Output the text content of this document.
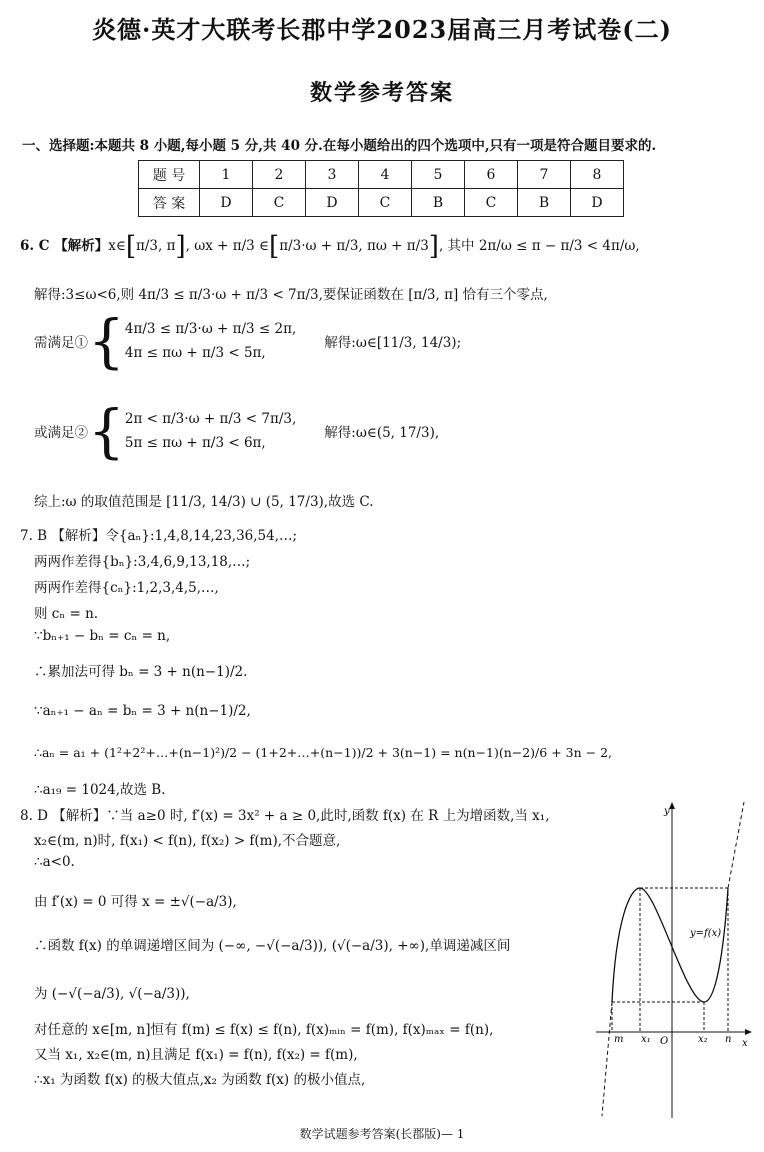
炎德·英才大联考长郡中学2023届高三月考试卷(二)
数学参考答案
一、选择题:本题共 8 小题,每小题 5 分,共 40 分.在每小题给出的四个选项中,只有一项是符合题目要求的.
题 号	1	2	3	4	5	6	7	8
答 案	D	C	D	C	B	C	B	D
6. C 【解析】x∈[π/3, π], ωx + π/3 ∈[π/3·ω + π/3, πω + π/3], 其中 2π/ω ≤ π − π/3 < 4π/ω,
解得:3≤ω<6,则 4π/3 ≤ π/3·ω + π/3 < 7π/3,要保证函数在 [π/3, π] 恰有三个零点,
需满足① { 4π/3 ≤ π/3·ω + π/3 ≤ 2π,
4π ≤ πω + π/3 < 5π,
解得:ω∈[11/3, 14/3);
或满足② { 2π < π/3·ω + π/3 < 7π/3,
5π ≤ πω + π/3 < 6π,
解得:ω∈(5, 17/3),
综上:ω 的取值范围是 [11/3, 14/3) ∪ (5, 17/3),故选 C.
7. B 【解析】令{aₙ}:1,4,8,14,23,36,54,…;
两两作差得{bₙ}:3,4,6,9,13,18,…;
两两作差得{cₙ}:1,2,3,4,5,…,
则 cₙ = n.
∵bₙ₊₁ − bₙ = cₙ = n,
∴累加法可得 bₙ = 3 + n(n−1)/2.
∵aₙ₊₁ − aₙ = bₙ = 3 + n(n−1)/2,
∴aₙ = a₁ + (1²+2²+…+(n−1)²)/2 − (1+2+…+(n−1))/2 + 3(n−1) = n(n−1)(n−2)/6 + 3n − 2,
∴a₁₉ = 1024,故选 B.
8. D 【解析】∵当 a≥0 时, f′(x) = 3x² + a ≥ 0,此时,函数 f(x) 在 R 上为增函数,当 x₁,
x₂∈(m, n)时, f(x₁) < f(n), f(x₂) > f(m),不合题意,
∴a<0.
由 f′(x) = 0 可得 x = ±√(−a/3),
∴函数 f(x) 的单调递增区间为 (−∞, −√(−a/3)), (√(−a/3), +∞),单调递减区间
为 (−√(−a/3), √(−a/3)),
对任意的 x∈[m, n]恒有 f(m) ≤ f(x) ≤ f(n), f(x)ₘᵢₙ = f(m), f(x)ₘₐₓ = f(n),
又当 x₁, x₂∈(m, n)且满足 f(x₁) = f(n), f(x₂) = f(m),
∴x₁ 为函数 f(x) 的极大值点,x₂ 为函数 f(x) 的极小值点,
y
x
y=f(x)
O
m x₁	x₂ n
数学试题参考答案(长郡版)— 1
